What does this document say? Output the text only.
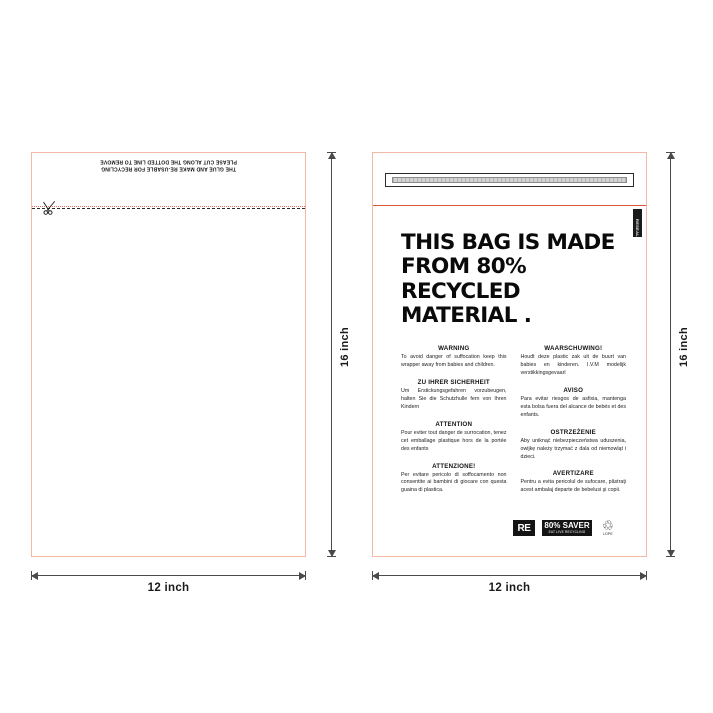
THE GLUE AND MAKE RE-USABLE FOR RECYCLING
PLEASE CUT ALONG THE DOTTED LINE TO REMOVE
16 inch
12 inch
RESEALABLE
THIS BAG IS MADE FROM 80% RECYCLED MATERIAL .
WARNING
To avoid danger of suffocation keep this wrapper away from babies and children.
ZU IHRER SICHERHEIT
Um Erstickungsgefahren vorzubeugen, halten Sie die Schutzhulle fern von Ihren Kindern
ATTENTION
Pour eviter tout danger de surrocation, tenez cet emballage plastique hors de la portée des enfants
ATTENZIONE!
Per evitare pericolo di soffocamento non consentite ai bambini di giocare con questa guaina di plastica.
WAARSCHUWING!
Houdt deze plastic zak uit de buurt van babies en kinderen. I.V.M modelijk verstikkingsgevaarl
AVISO
Para evitar riesgos de asfixia, mantenga esta bolsa fuera del alcance de bebés et des enfants.
OSTRZEŻENIE
Aby uniknąć niebezpieczeństwa uduszenia, owijkę należy trzymać z dala od niemowląt i dzieci.
AVERTIZARE
Pentru a evita pericolul de sufocare, păstraţi acest ambalaj departe de bebelusi şi copii.
RE	80% SAVER
EAT LIVE RECYCLING ♲
LDPE
16 inch
12 inch
